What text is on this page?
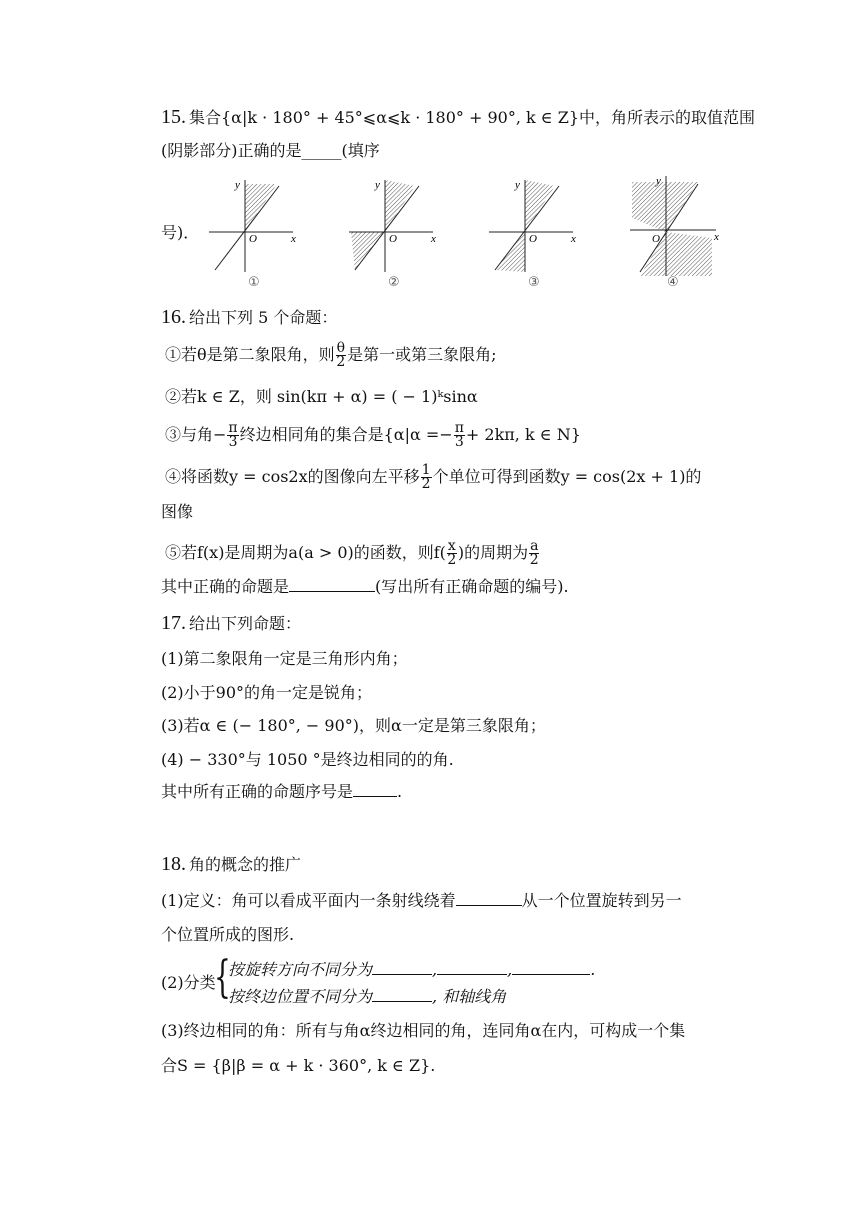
15. 集合{α|k · 180° + 45°⩽α⩽k · 180° + 90°, k ∈ Z}中，角所表示的取值范围
(阴影部分)正确的是_____(填序
号)．
y
x
O
①
y
x
O
②
y
x
O
③
y
x
O
④
16. 给出下列 5 个命题：
①若θ是第二象限角，则 $\frac{\theta}{2}$ 是第一或第三象限角;
②若k ∈ Z，则 sin(kπ + α) = ( − 1)ᵏsinα
③与角− $\frac{\pi}{3}$ 终边相同角的集合是{$\alpha|\alpha =- \frac{\pi}{3} + 2k\pi$, k ∈ N}
④将函数y = cos2x的图像向左平移 $\frac{1}{2}$ 个单位可得到函数y = cos(2x + 1)的
图像
⑤若f(x)是周期为a(a > 0)的函数，则$f( \frac{x}{2}$ )的周期为 $\frac{a}{2}$
其中正确的命题是	(写出所有正确命题的编号).
17. 给出下列命题：
(1)第二象限角一定是三角形内角；
(2)小于90°的角一定是锐角；
(3)若α ∈ (− 180°, − 90°)，则α一定是第三象限角；
(4) − 330°与 1050 °是终边相同的的角.
其中所有正确的命题序号是	.
18. 角的概念的推广
(1)定义：角可以看成平面内一条射线绕着	从一个位置旋转到另一
个位置所成的图形.
(2)分类
{
按旋转方向不同分为	,	,	.
按终边位置不同分为	, 和轴线角
(3)终边相同的角：所有与角α终边相同的角，连同角α在内，可构成一个集
合S = {β|β = α + k · 360°, k ∈ Z}.
